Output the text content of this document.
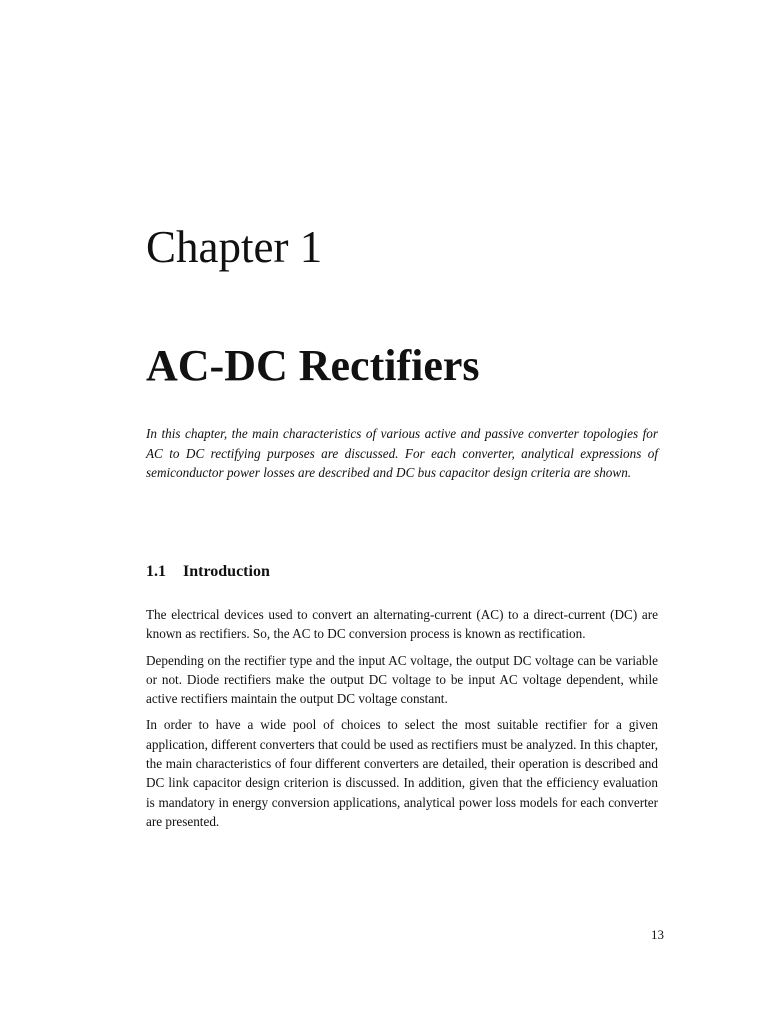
Chapter 1
AC-DC Rectifiers

In this chapter, the main characteristics of various active and passive converter topologies for AC to DC rectifying purposes are discussed. For each converter, analytical expressions of semiconductor power losses are described and DC bus capacitor design criteria are shown.

1.1 Introduction

The electrical devices used to convert an alternating-current (AC) to a direct-current (DC) are known as rectifiers. So, the AC to DC conversion process is known as rectification.

Depending on the rectifier type and the input AC voltage, the output DC voltage can be variable or not. Diode rectifiers make the output DC voltage to be input AC voltage dependent, while active rectifiers maintain the output DC voltage constant.

In order to have a wide pool of choices to select the most suitable rectifier for a given application, different converters that could be used as rectifiers must be analyzed. In this chapter, the main characteristics of four different converters are detailed, their operation is described and DC link capacitor design criterion is discussed. In addition, given that the efficiency evaluation is mandatory in energy conversion applications, analytical power loss models for each converter are presented.

13
